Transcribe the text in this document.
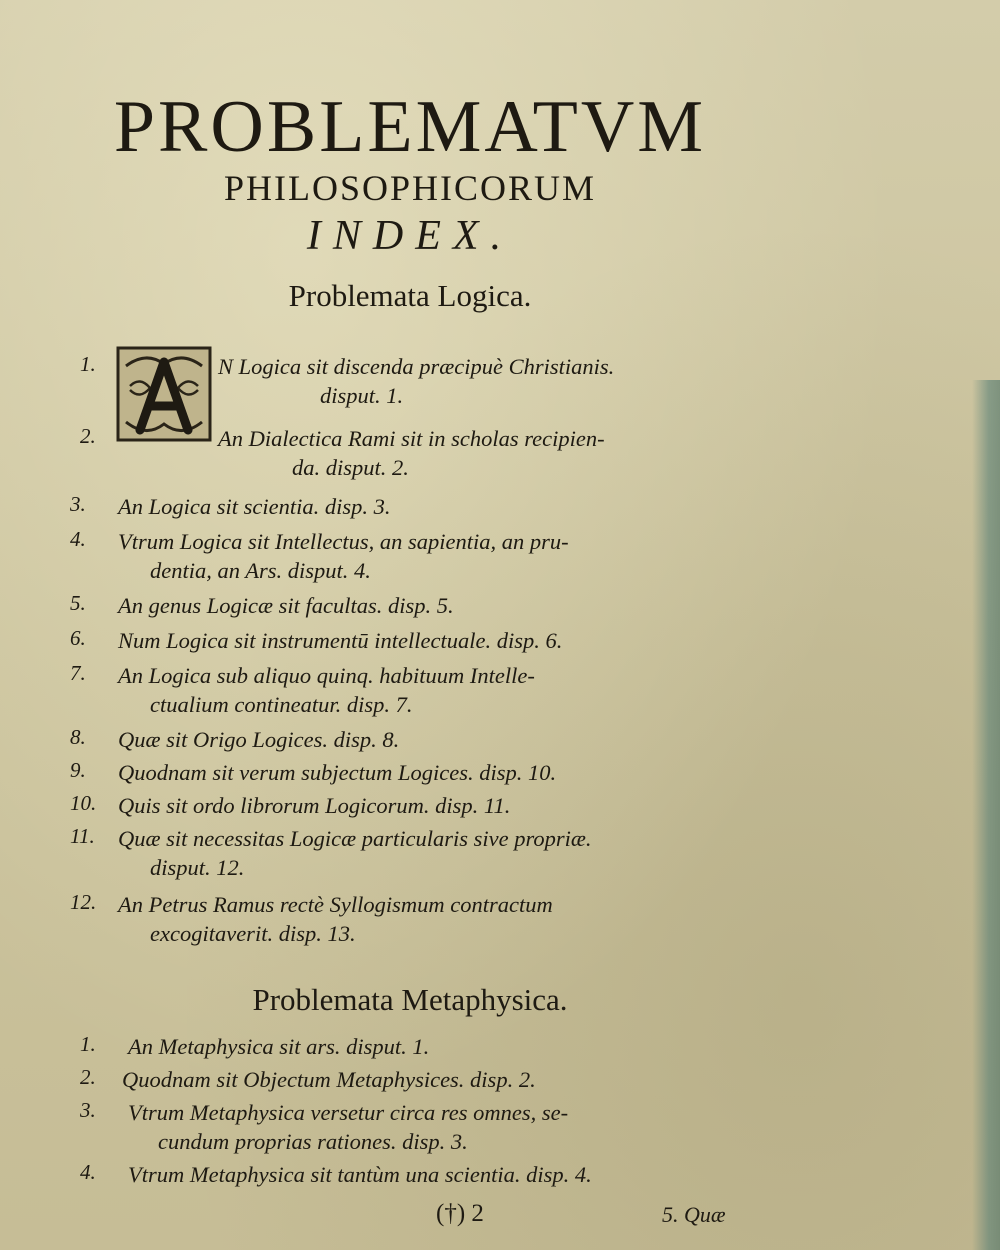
PROBLEMATVM

PHILOSOPHICORUM

INDEX.

Problemata Logica.

1.	N Logica sit discenda præcipuè Christianis.
disput. 1.
2.	An Dialectica Rami sit in scholas recipien-
da. disput. 2.
3.	An Logica sit scientia. disp. 3.
4.	Vtrum Logica sit Intellectus, an sapientia, an pru-
dentia, an Ars. disput. 4.
5.	An genus Logicæ sit facultas. disp. 5.
6.	Num Logica sit instrumentū intellectuale. disp. 6.
7.	An Logica sub aliquo quinq. habituum Intelle-
ctualium contineatur. disp. 7.
8.	Quæ sit Origo Logices. disp. 8.
9.	Quodnam sit verum subjectum Logices. disp. 10.
10. Quis sit ordo librorum Logicorum. disp. 11.
11.	Quæ sit necessitas Logicæ particularis sive propriæ.
disput. 12.
12. An Petrus Ramus rectè Syllogismum contractum
excogitaverit. disp. 13.

Problemata Metaphysica.

1.	An Metaphysica sit ars. disput. 1.
2.	Quodnam sit Objectum Metaphysices. disp. 2.
3.	Vtrum Metaphysica versetur circa res omnes, se-
cundum proprias rationes. disp. 3.
4.	Vtrum Metaphysica sit tantùm una scientia. disp. 4.
(†) 2	5. Quæ
